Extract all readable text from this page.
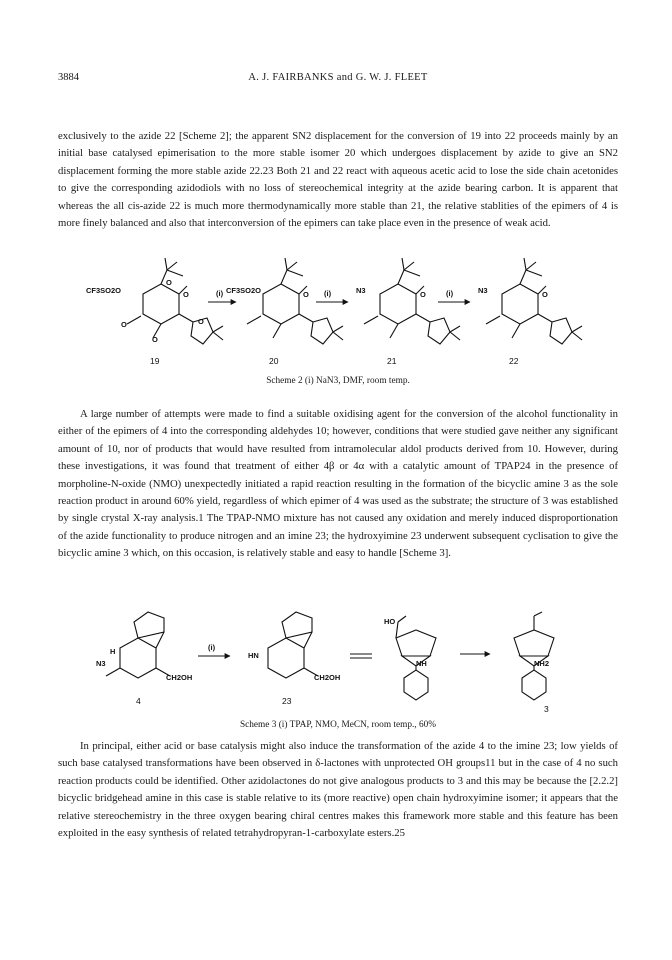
3884	A. J. FAIRBANKS and G. W. J. FLEET

exclusively to the azide 22 [Scheme 2]; the apparent SN2 displacement for the conversion of 19 into 22 proceeds mainly by an initial base catalysed epimerisation to the more stable isomer 20 which undergoes displacement by azide to give an SN2 displacement forming the more stable azide 22.23 Both 21 and 22 react with aqueous acetic acid to lose the side chain acetonides to give the corresponding azidodiols with no loss of stereochemical integrity at the azide bearing carbon. It is apparent that whereas the all cis-azide 22 is much more thermodynamically more stable than 21, the relative stablities of the epimers of 4 is more finely balanced and also that interconversion of the epimers can take place even in the presence of weak acid.

CF3SO2O
O
O
O
O
O
19
(i) CF3SO2O	O
20
(i)	N3	O
21
(i)	N3	O
22
Scheme 2 (i) NaN3, DMF, room temp.

A large number of attempts were made to find a suitable oxidising agent for the conversion of the alcohol functionality in either of the epimers of 4 into the corresponding aldehydes 10; however, conditions that were studied gave neither any significant amount of 10, nor of products that would have resulted from intramolecular aldol products derived from 10. However, during these investigations, it was found that treatment of either 4β or 4α with a catalytic amount of TPAP24 in the presence of morpholine-N-oxide (NMO) unexpectedly initiated a rapid reaction resulting in the formation of the bicyclic amine 3 as the sole reaction product in around 60% yield, regardless of which epimer of 4 was used as the substrate; the structure of 3 was established by single crystal X-ray analysis.1 The TPAP-NMO mixture has not caused any oxidation and merely induced disproportionation of the azide functionality to produce nitrogen and an imine 23; the hydroxyimine 23 underwent subsequent cyclisation to give the bicyclic amine 3 which, on this occasion, is relatively stable and easy to handle [Scheme 3].

N3
H
CH2OH
4
(i)
HN
CH2OH
23
HO
NH	NH2
3
Scheme 3 (i) TPAP, NMO, MeCN, room temp., 60%

In principal, either acid or base catalysis might also induce the transformation of the azide 4 to the imine 23; low yields of such base catalysed transformations have been observed in δ-lactones with unprotected OH groups11 but in the case of 4 no such reaction products could be identified. Other azidolactones do not give analogous products to 3 and this may be because the [2.2.2] bicyclic bridgehead amine in this case is stable relative to its (more reactive) open chain hydroxyimine isomer; it appears that the relative stereochemistry in the three oxygen bearing chiral centres makes this framework more stable and this feature has been exploited in the easy synthesis of related tetrahydropyran-1-carboxylate esters.25
